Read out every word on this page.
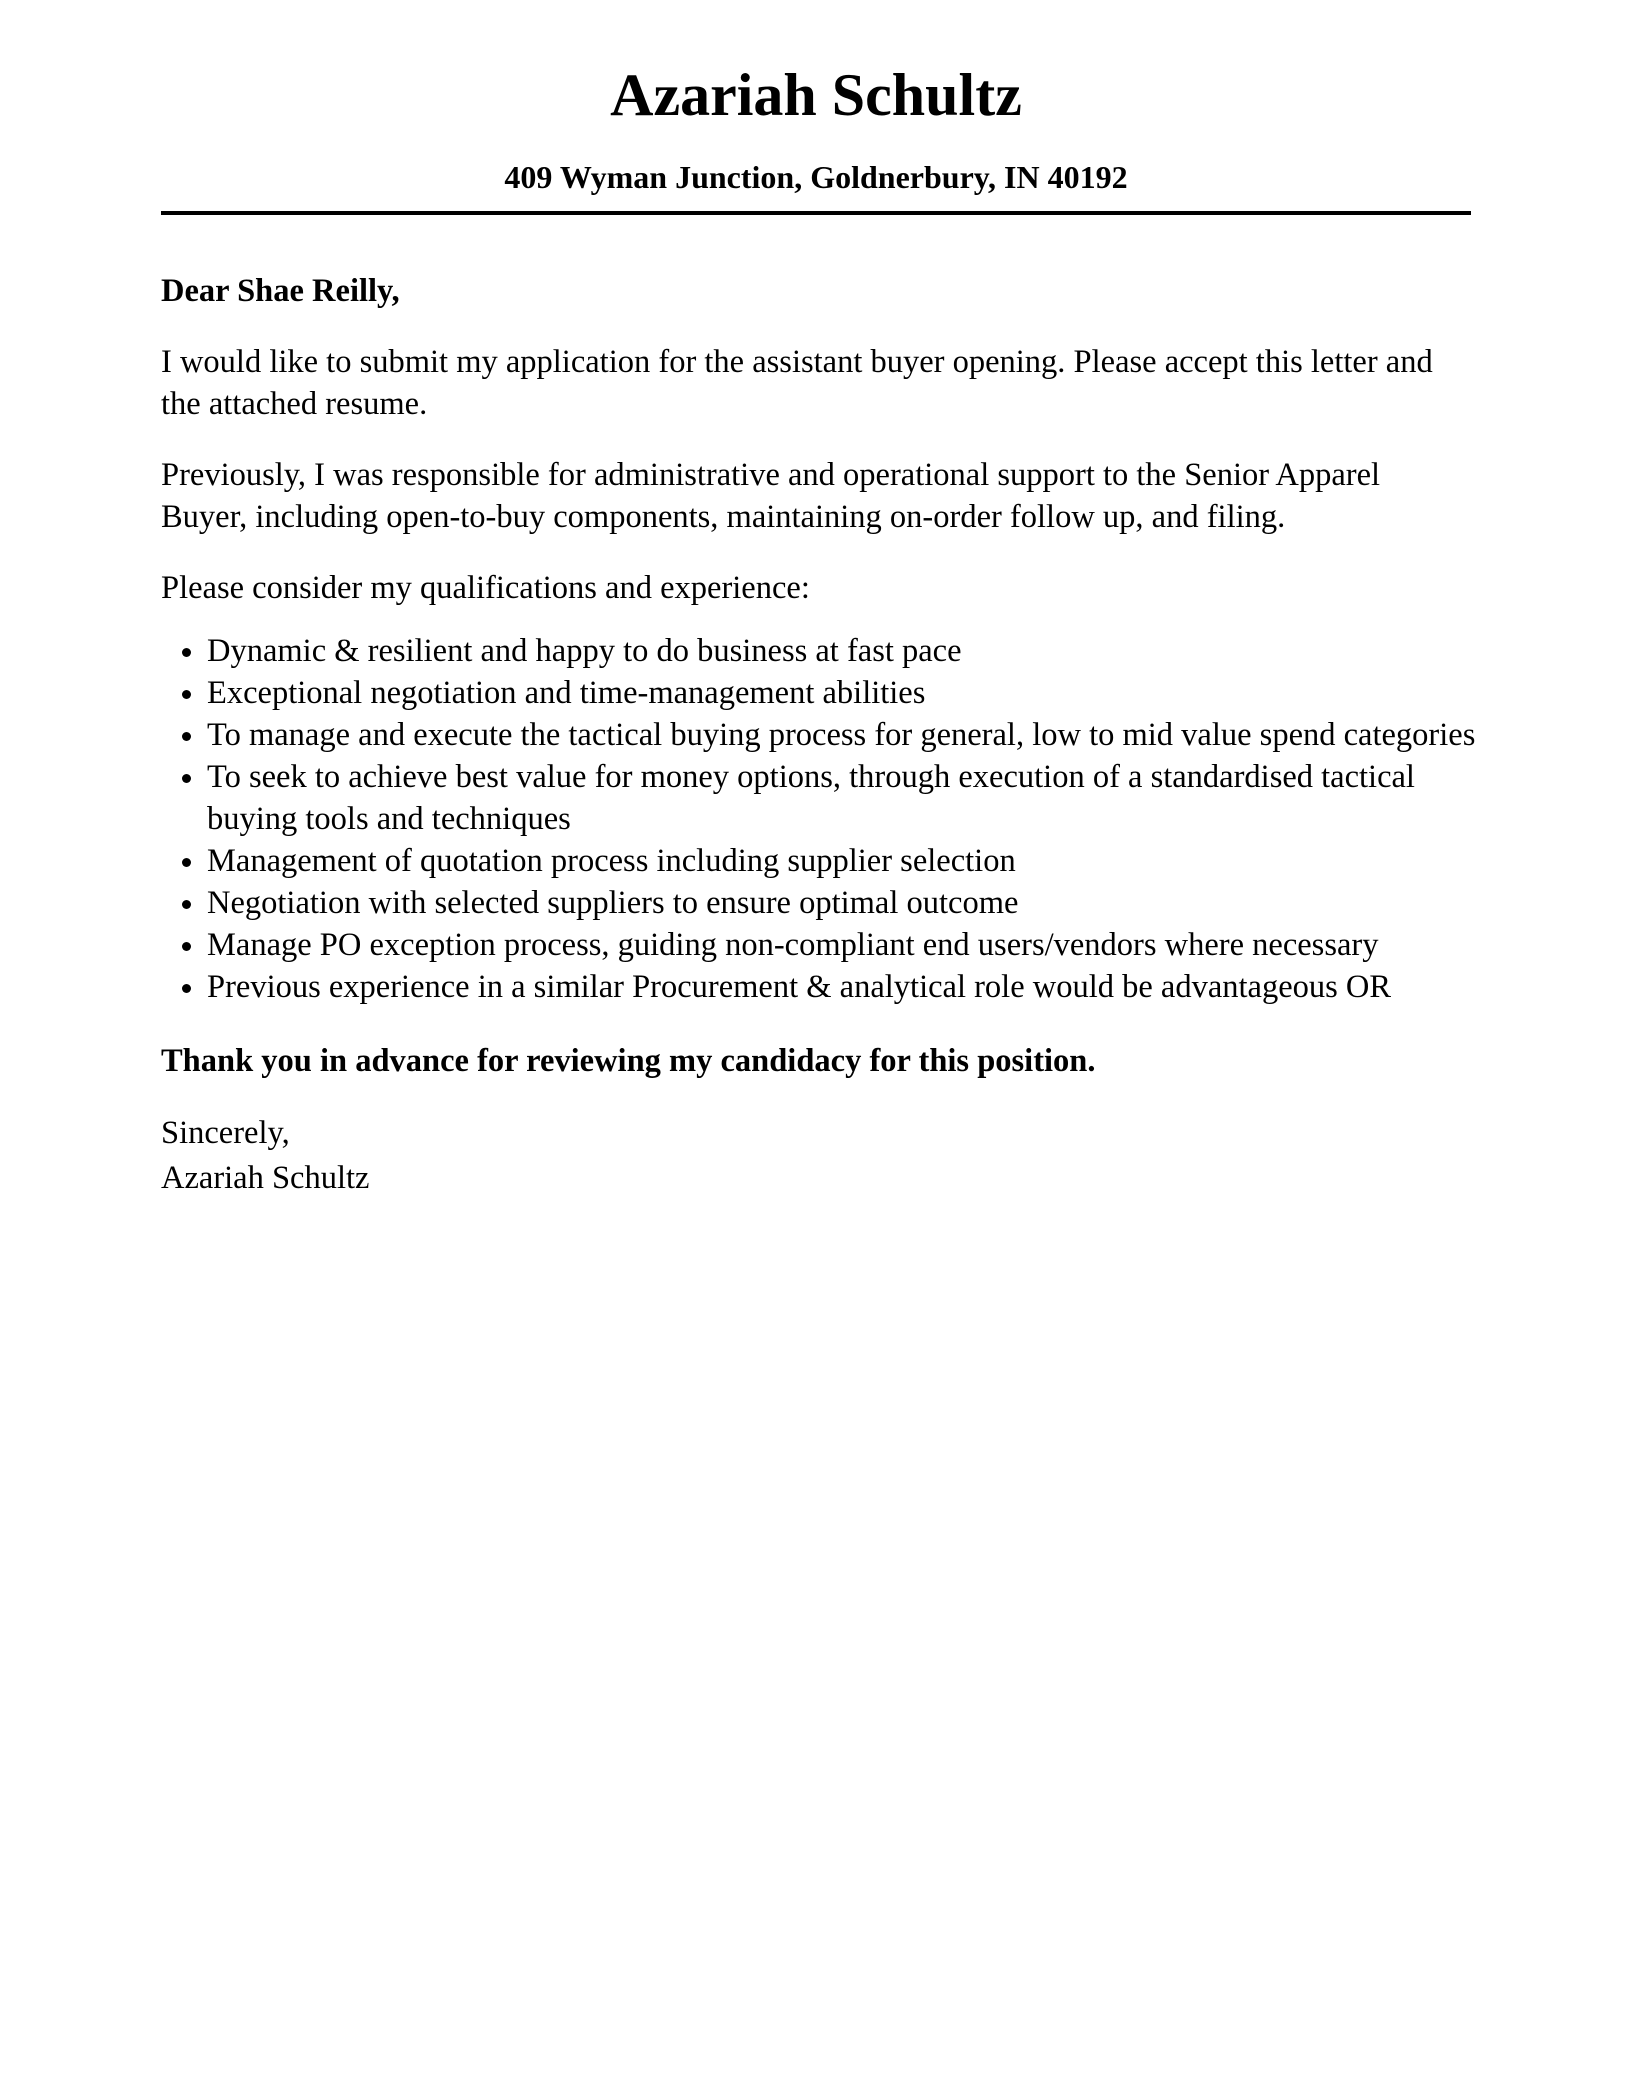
Azariah Schultz
409 Wyman Junction, Goldnerbury, IN 40192
Dear Shae Reilly,
I would like to submit my application for the assistant buyer opening. Please accept this letter and
the attached resume.
Previously, I was responsible for administrative and operational support to the Senior Apparel
Buyer, including open-to-buy components, maintaining on-order follow up, and filing.
Please consider my qualifications and experience:
• Dynamic & resilient and happy to do business at fast pace
• Exceptional negotiation and time-management abilities
• To manage and execute the tactical buying process for general, low to mid value spend categories
• To seek to achieve best value for money options, through execution of a standardised tactical
buying tools and techniques
• Management of quotation process including supplier selection
• Negotiation with selected suppliers to ensure optimal outcome
• Manage PO exception process, guiding non-compliant end users/vendors where necessary
• Previous experience in a similar Procurement & analytical role would be advantageous OR
Thank you in advance for reviewing my candidacy for this position.
Sincerely,
Azariah Schultz
